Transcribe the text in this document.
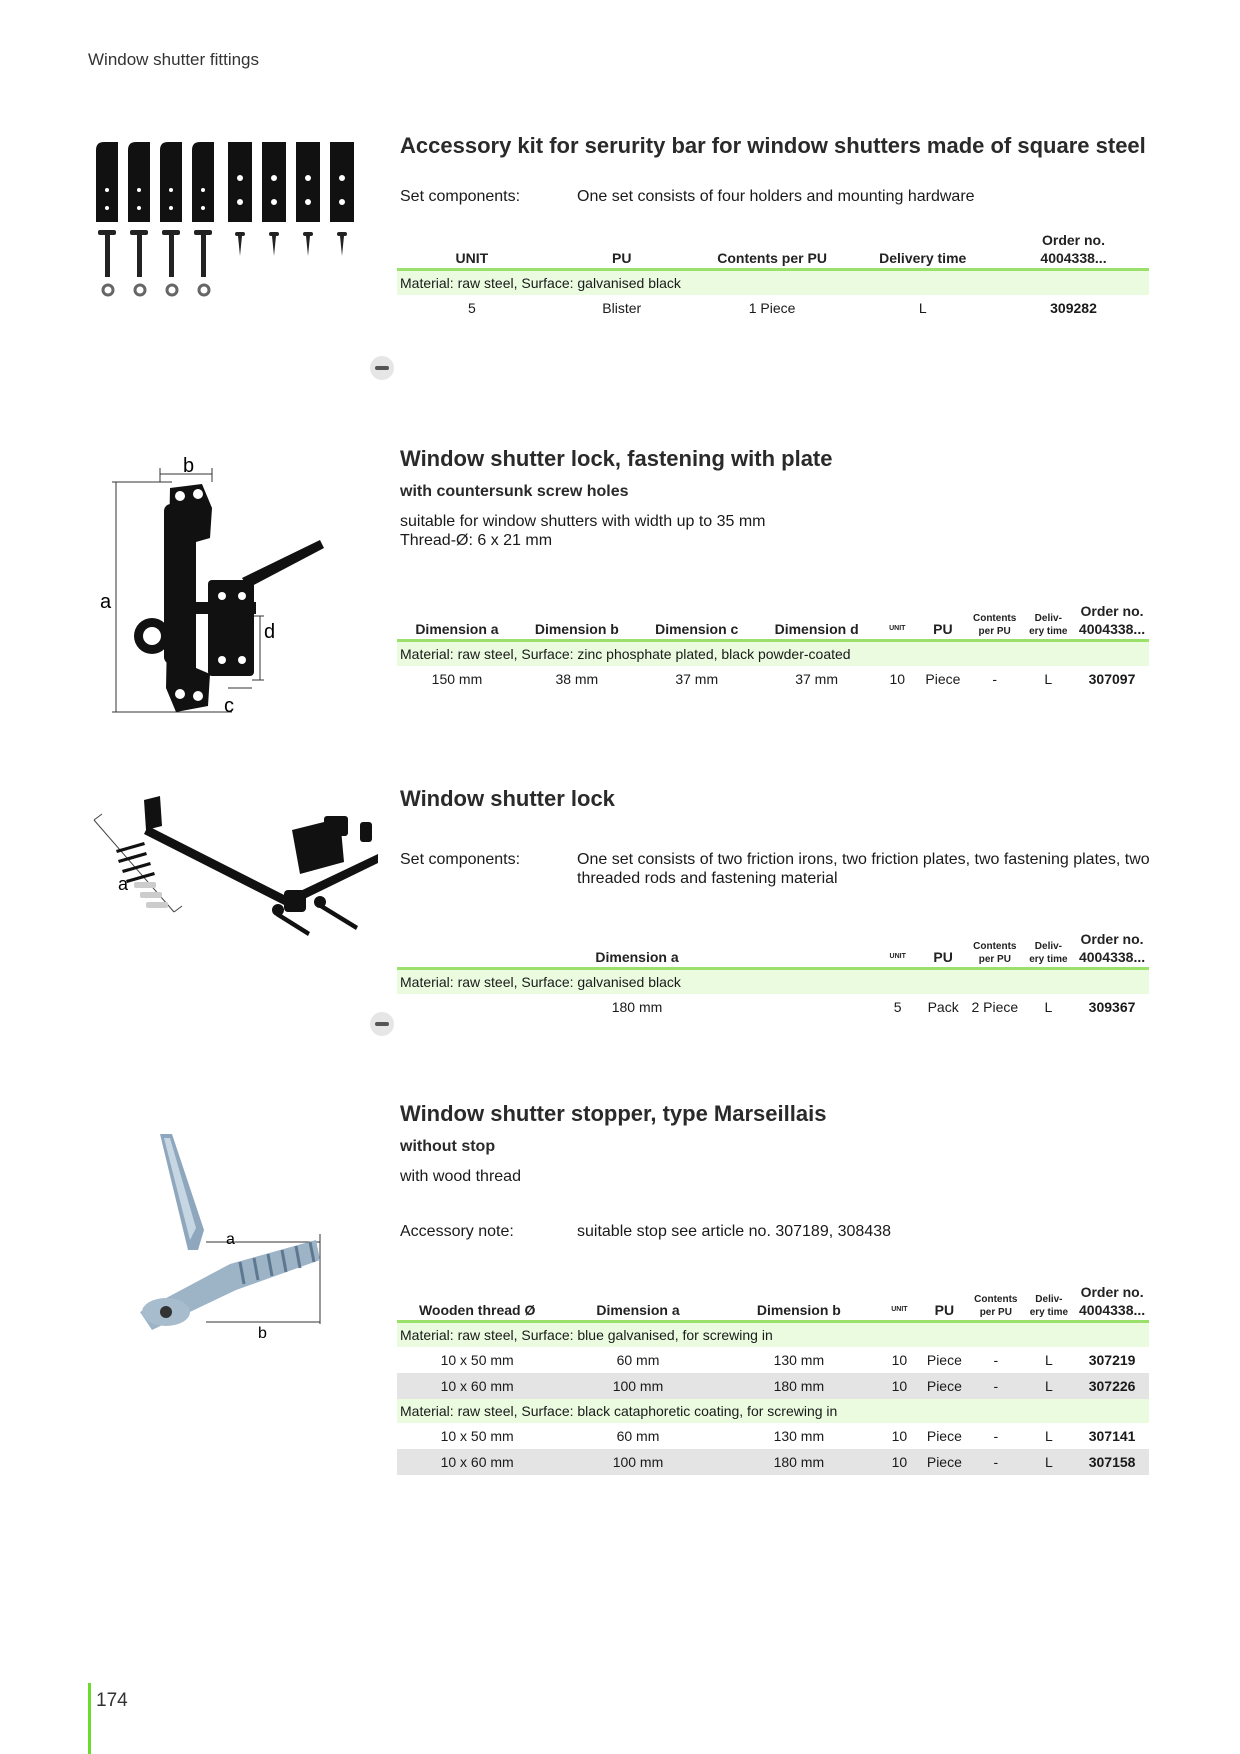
Window shutter fittings
Accessory kit for serurity bar for window shutters made of square steel
Set components:	One set consists of four holders and mounting hardware
UNIT	PU	Contents per PU	Delivery time	Order no.
4004338...
Material: raw steel, Surface: galvanised black				
5	Blister	1 Piece	L	309282
b
a
d
c
Window shutter lock, fastening with plate
with countersunk screw holes
suitable for window shutters with width up to 35 mm
Thread-Ø: 6 x 21 mm
Dimension a	Dimension b	Dimension c	Dimension d	UNIT	PU	Contents
per PU	Deliv-
ery time	Order no.
4004338...
Material: raw steel, Surface: zinc phosphate plated, black powder-coated								
150 mm	38 mm	37 mm	37 mm	10	Piece	-	L	307097
a
Window shutter lock
Set components:	One set consists of two friction irons, two friction plates, two fastening plates, two threaded rods and fastening material
Dimension a	UNIT	PU	Contents
per PU	Deliv-
ery time	Order no.
4004338...
Material: raw steel, Surface: galvanised black					
180 mm	5	Pack	2 Piece	L	309367
a
b
Window shutter stopper, type Marseillais
without stop
with wood thread
Accessory note:	suitable stop see article no. 307189, 308438
Wooden thread Ø	Dimension a	Dimension b	UNIT	PU	Contents
per PU	Deliv-
ery time	Order no.
4004338...
Material: raw steel, Surface: blue galvanised, for screwing in							
10 x 50 mm	60 mm	130 mm	10	Piece	-	L	307219
10 x 60 mm	100 mm	180 mm	10	Piece	-	L	307226
Material: raw steel, Surface: black cataphoretic coating, for screwing in							
10 x 50 mm	60 mm	130 mm	10	Piece	-	L	307141
10 x 60 mm	100 mm	180 mm	10	Piece	-	L	307158
174
